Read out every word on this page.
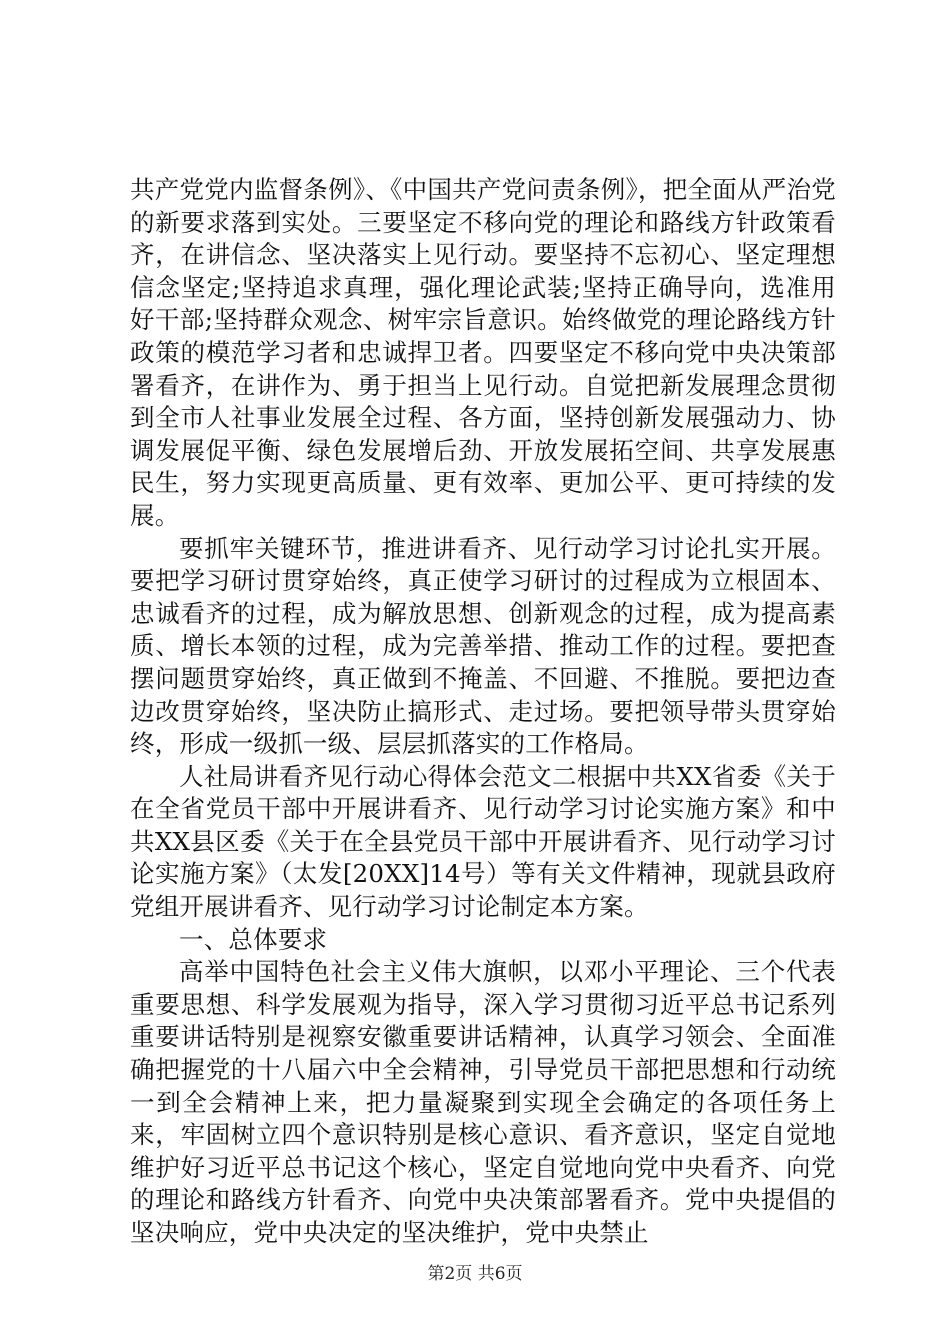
共产党党内监督条例》、《中国共产党问责条例》，把全面从严治党的新要求落到实处。三要坚定不移向党的理论和路线方针政策看齐，在讲信念、坚决落实上见行动。要坚持不忘初心、坚定理想信念坚定;坚持追求真理，强化理论武装;坚持正确导向，选准用好干部;坚持群众观念、树牢宗旨意识。始终做党的理论路线方针政策的模范学习者和忠诚捍卫者。四要坚定不移向党中央决策部署看齐，在讲作为、勇于担当上见行动。自觉把新发展理念贯彻到全市人社事业发展全过程、各方面，坚持创新发展强动力、协调发展促平衡、绿色发展增后劲、开放发展拓空间、共享发展惠民生，努力实现更高质量、更有效率、更加公平、更可持续的发展。

要抓牢关键环节，推进讲看齐、见行动学习讨论扎实开展。要把学习研讨贯穿始终，真正使学习研讨的过程成为立根固本、忠诚看齐的过程，成为解放思想、创新观念的过程，成为提高素质、增长本领的过程，成为完善举措、推动工作的过程。要把查摆问题贯穿始终，真正做到不掩盖、不回避、不推脱。要把边查边改贯穿始终，坚决防止搞形式、走过场。要把领导带头贯穿始终，形成一级抓一级、层层抓落实的工作格局。

人社局讲看齐见行动心得体会范文二根据中共XX省委《关于在全省党员干部中开展讲看齐、见行动学习讨论实施方案》和中共XX县区委《关于在全县党员干部中开展讲看齐、见行动学习讨论实施方案》（太发[20XX]14号）等有关文件精神，现就县政府党组开展讲看齐、见行动学习讨论制定本方案。

一、总体要求

高举中国特色社会主义伟大旗帜，以邓小平理论、三个代表重要思想、科学发展观为指导，深入学习贯彻习近平总书记系列重要讲话特别是视察安徽重要讲话精神，认真学习领会、全面准确把握党的十八届六中全会精神，引导党员干部把思想和行动统一到全会精神上来，把力量凝聚到实现全会确定的各项任务上来，牢固树立四个意识特别是核心意识、看齐意识，坚定自觉地维护好习近平总书记这个核心，坚定自觉地向党中央看齐、向党的理论和路线方针看齐、向党中央决策部署看齐。党中央提倡的坚决响应，党中央决定的坚决维护，党中央禁止

第2页 共6页
